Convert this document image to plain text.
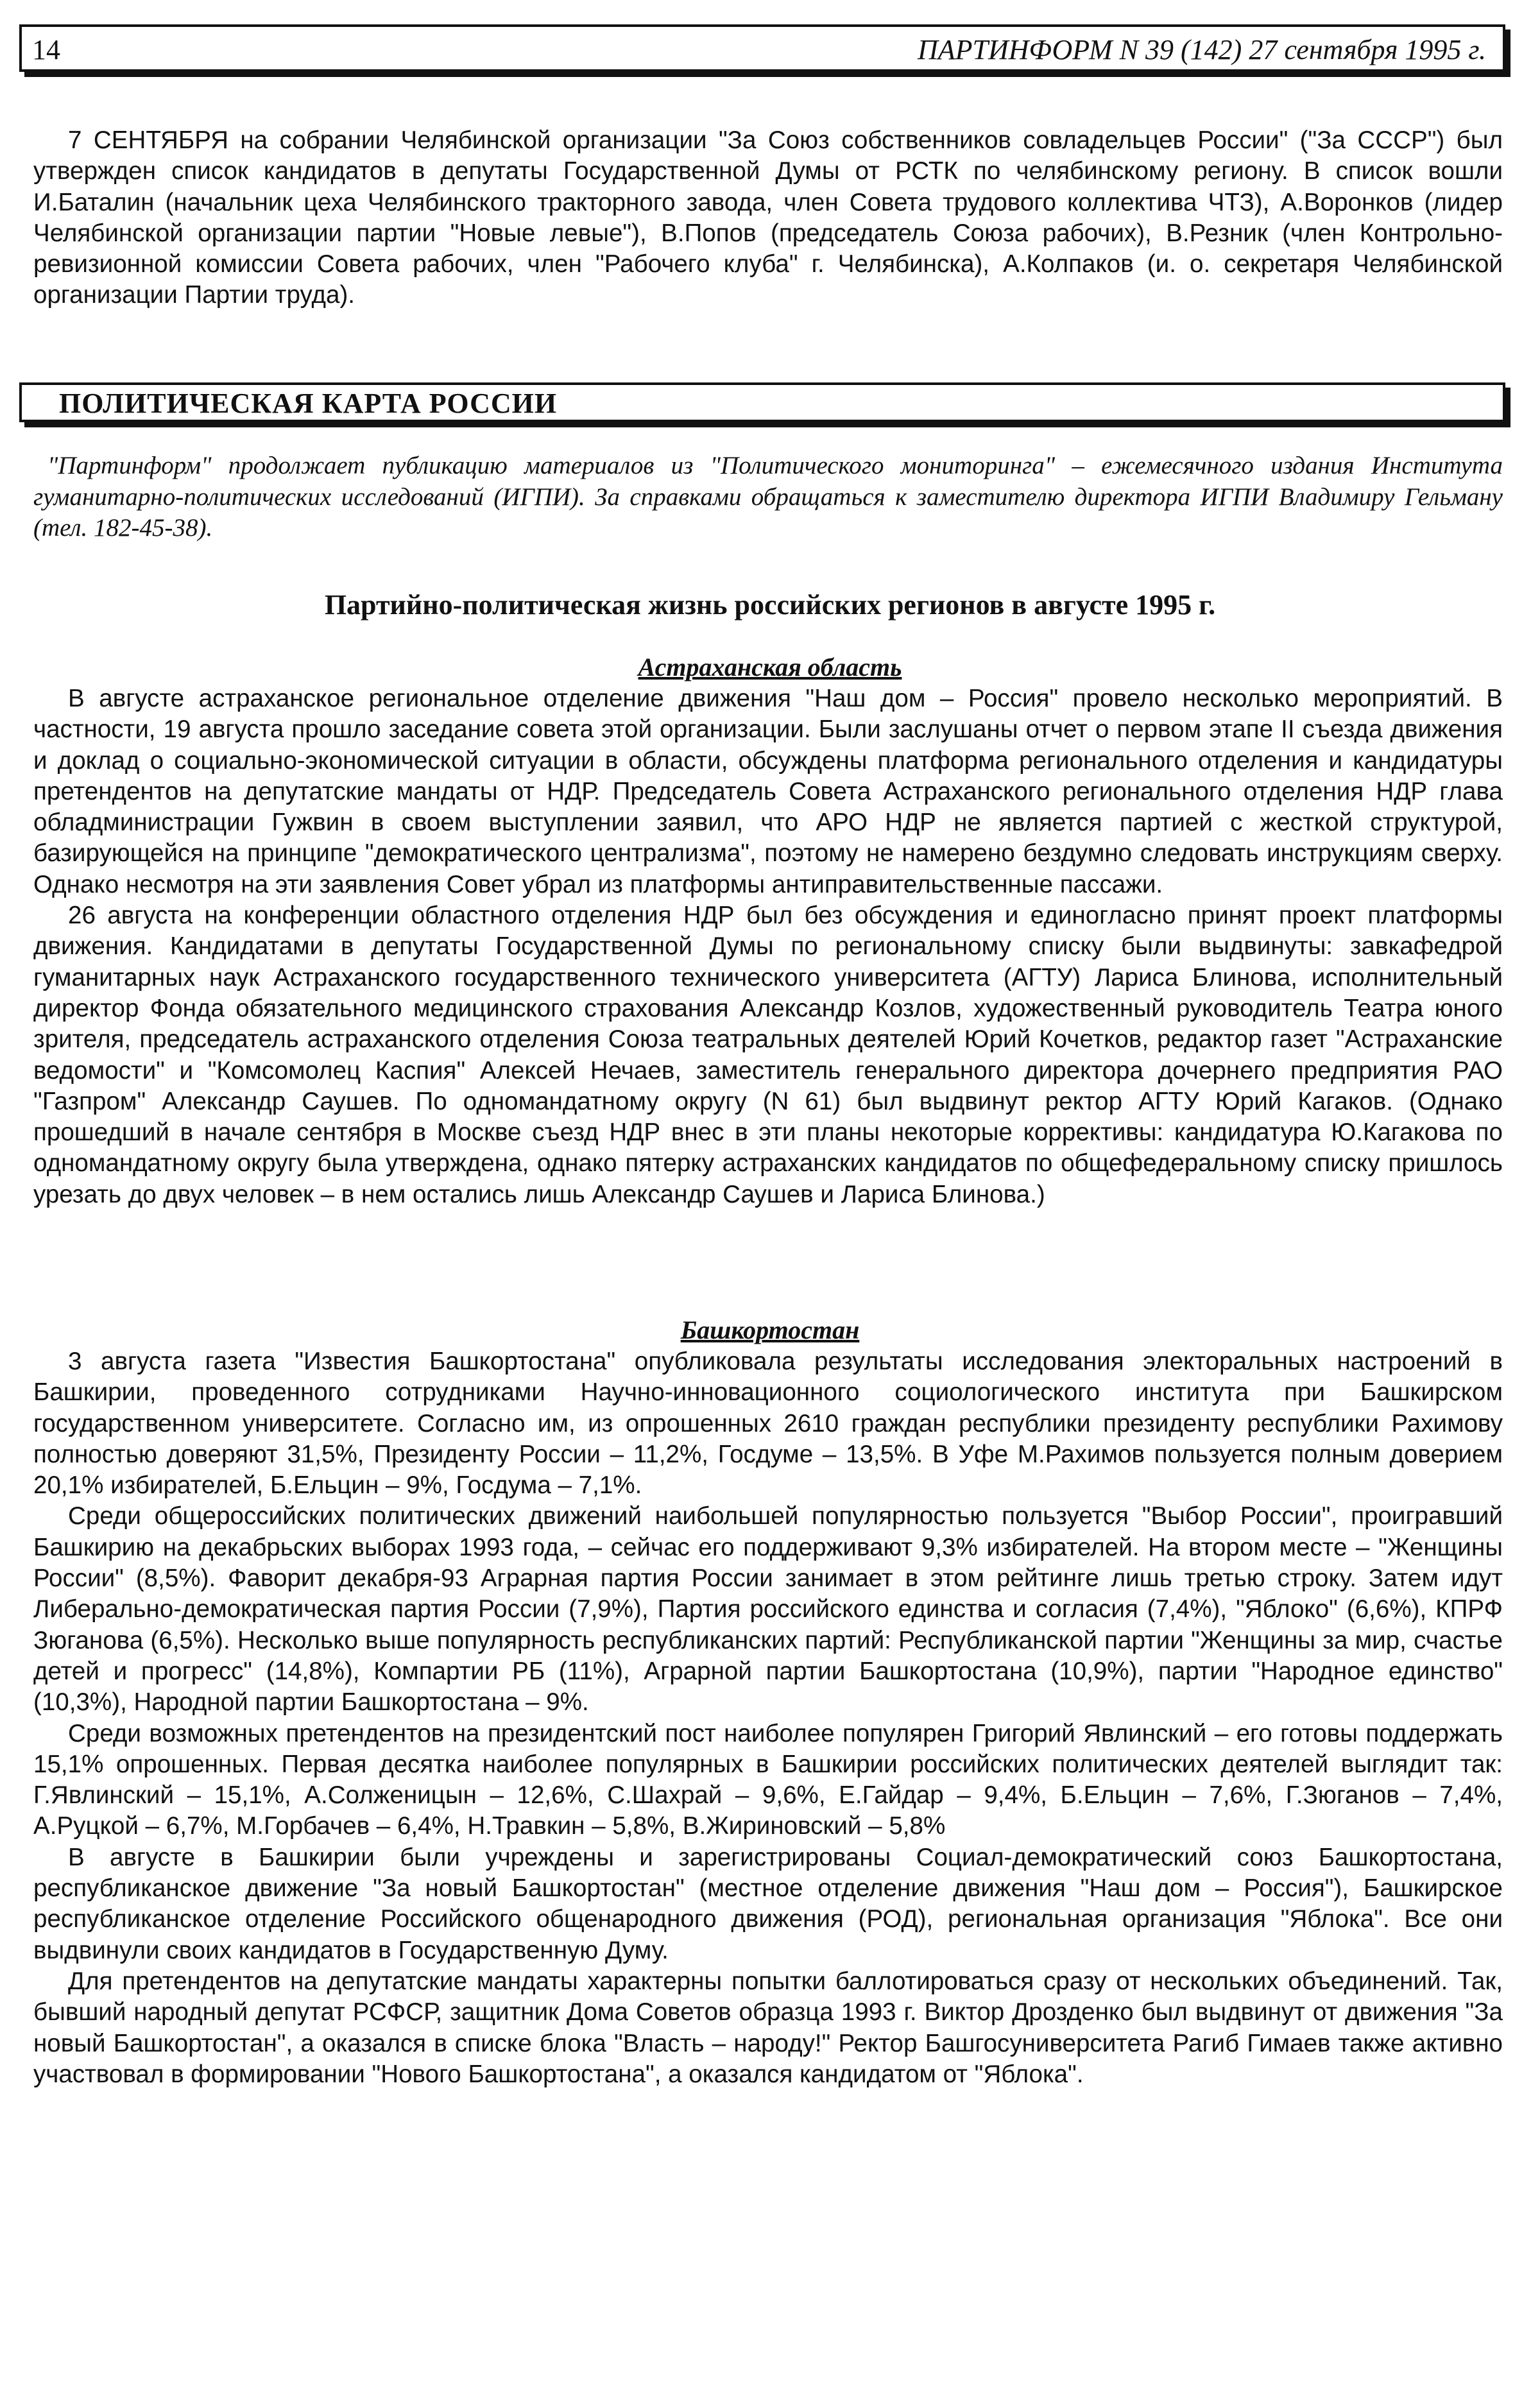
14	ПАРТИНФОРМ N 39 (142) 27 сентября 1995 г.

7 СЕНТЯБРЯ на собрании Челябинской организации "За Союз собственников совладельцев России" ("За СССР") был утвержден список кандидатов в депутаты Государственной Думы от РСТК по челябинскому региону. В список вошли И.Баталин (начальник цеха Челябинского тракторного завода, член Совета трудового коллектива ЧТЗ), А.Воронков (лидер Челябинской организации партии "Новые левые"), В.Попов (председатель Союза рабочих), В.Резник (член Контрольно-ревизионной комиссии Совета рабочих, член "Рабочего клуба" г. Челябинска), А.Колпаков (и. о. секретаря Челябинской организации Партии труда).

ПОЛИТИЧЕСКАЯ КАРТА РОССИИ

"Партинформ" продолжает публикацию материалов из "Политического мониторинга" – ежемесячного издания Института гуманитарно-политических исследований (ИГПИ). За справками обращаться к заместителю директора ИГПИ Владимиру Гельману (тел. 182-45-38).

Партийно-политическая жизнь российских регионов в августе 1995 г.
Астраханская область

В августе астраханское региональное отделение движения "Наш дом – Россия" провело несколько мероприятий. В частности, 19 августа прошло заседание совета этой организации. Были заслушаны отчет о первом этапе II съезда движения и доклад о социально-экономической ситуации в области, обсуждены платформа регионального отделения и кандидатуры претендентов на депутатские мандаты от НДР. Председатель Совета Астраханского регионального отделения НДР глава обладминистрации Гужвин в своем выступлении заявил, что АРО НДР не является партией с жесткой структурой, базирующейся на принципе "демократического централизма", поэтому не намерено бездумно следовать инструкциям сверху. Однако несмотря на эти заявления Совет убрал из платформы антиправительственные пассажи.

26 августа на конференции областного отделения НДР был без обсуждения и единогласно принят проект платформы движения. Кандидатами в депутаты Государственной Думы по региональному списку были выдвинуты: завкафедрой гуманитарных наук Астраханского государственного технического университета (АГТУ) Лариса Блинова, исполнительный директор Фонда обязательного медицинского страхования Александр Козлов, художественный руководитель Театра юного зрителя, председатель астраханского отделения Союза театральных деятелей Юрий Кочетков, редактор газет "Астраханские ведомости" и "Комсомолец Каспия" Алексей Нечаев, заместитель генерального директора дочернего предприятия РАО "Газпром" Александр Саушев. По одномандатному округу (N 61) был выдвинут ректор АГТУ Юрий Кагаков. (Однако прошедший в начале сентября в Москве съезд НДР внес в эти планы некоторые коррективы: кандидатура Ю.Кагакова по одномандатному округу была утверждена, однако пятерку астраханских кандидатов по общефедеральному списку пришлось урезать до двух человек – в нем остались лишь Александр Саушев и Лариса Блинова.)

Башкортостан

3 августа газета "Известия Башкортостана" опубликовала результаты исследования электоральных настроений в Башкирии, проведенного сотрудниками Научно-инновационного социологического института при Башкирском государственном университете. Согласно им, из опрошенных 2610 граждан республики президенту республики Рахимову полностью доверяют 31,5%, Президенту России – 11,2%, Госдуме – 13,5%. В Уфе М.Рахимов пользуется полным доверием 20,1% избирателей, Б.Ельцин – 9%, Госдума – 7,1%.

Среди общероссийских политических движений наибольшей популярностью пользуется "Выбор России", проигравший Башкирию на декабрьских выборах 1993 года, – сейчас его поддерживают 9,3% избирателей. На втором месте – "Женщины России" (8,5%). Фаворит декабря-93 Аграрная партия России занимает в этом рейтинге лишь третью строку. Затем идут Либерально-демократическая партия России (7,9%), Партия российского единства и согласия (7,4%), "Яблоко" (6,6%), КПРФ Зюганова (6,5%). Несколько выше популярность республиканских партий: Республиканской партии "Женщины за мир, счастье детей и прогресс" (14,8%), Компартии РБ (11%), Аграрной партии Башкортостана (10,9%), партии "Народное единство" (10,3%), Народной партии Башкортостана – 9%.

Среди возможных претендентов на президентский пост наиболее популярен Григорий Явлинский – его готовы поддержать 15,1% опрошенных. Первая десятка наиболее популярных в Башкирии российских политических деятелей выглядит так: Г.Явлинский – 15,1%, А.Солженицын – 12,6%, С.Шахрай – 9,6%, Е.Гайдар – 9,4%, Б.Ельцин – 7,6%, Г.Зюганов – 7,4%, А.Руцкой – 6,7%, М.Горбачев – 6,4%, Н.Травкин – 5,8%, В.Жириновский – 5,8%

В августе в Башкирии были учреждены и зарегистрированы Социал-демократический союз Башкортостана, республиканское движение "За новый Башкортостан" (местное отделение движения "Наш дом – Россия"), Башкирское республиканское отделение Российского общенародного движения (РОД), региональная организация "Яблока". Все они выдвинули своих кандидатов в Государственную Думу.

Для претендентов на депутатские мандаты характерны попытки баллотироваться сразу от нескольких объединений. Так, бывший народный депутат РСФСР, защитник Дома Советов образца 1993 г. Виктор Дрозденко был выдвинут от движения "За новый Башкортостан", а оказался в списке блока "Власть – народу!" Ректор Башгосуниверситета Рагиб Гимаев также активно участвовал в формировании "Нового Башкортостана", а оказался кандидатом от "Яблока".
